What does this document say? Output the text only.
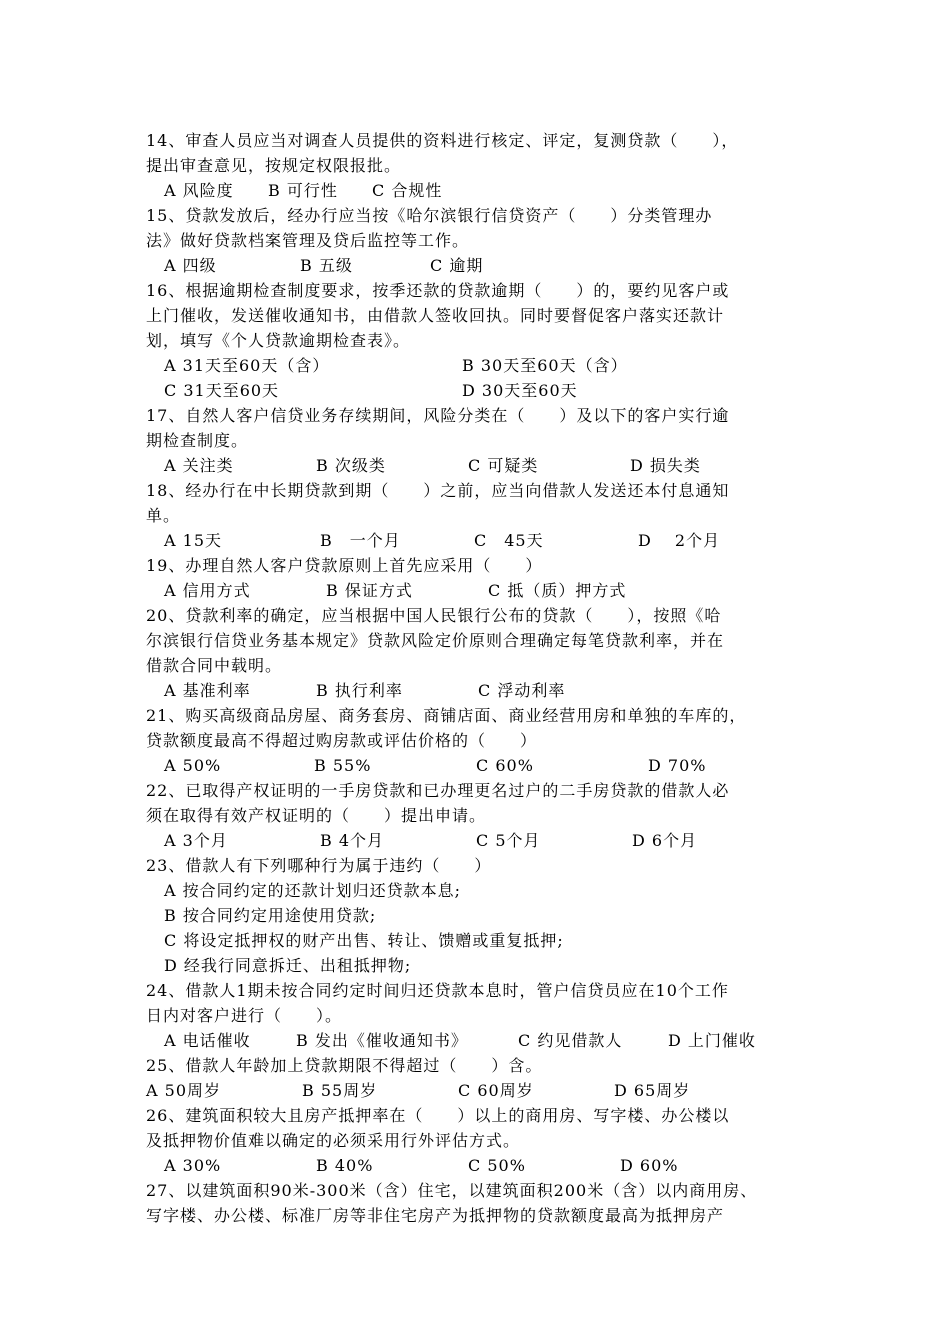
14、审查人员应当对调查人员提供的资料进行核定、评定，复测贷款（　　），
提出审查意见，按规定权限报批。
A 风险度	B 可行性	C 合规性
15、贷款发放后，经办行应当按《哈尔滨银行信贷资产（　　）分类管理办
法》做好贷款档案管理及贷后监控等工作。
A 四级	B 五级	C 逾期
16、根据逾期检查制度要求，按季还款的贷款逾期（　　）的，要约见客户或
上门催收，发送催收通知书，由借款人签收回执。同时要督促客户落实还款计
划，填写《个人贷款逾期检查表》。
A 31天至60天（含）	B 30天至60天（含）
C 31天至60天	D 30天至60天
17、自然人客户信贷业务存续期间，风险分类在（　　）及以下的客户实行逾
期检查制度。
A 关注类	B 次级类	C 可疑类	D 损失类
18、经办行在中长期贷款到期（　　）之前，应当向借款人发送还本付息通知
单。
A 15天	B　一个月	C　45天	D　 2个月
19、办理自然人客户贷款原则上首先应采用（　　）
A 信用方式	B 保证方式	C 抵（质）押方式
20、贷款利率的确定，应当根据中国人民银行公布的贷款（　　），按照《哈
尔滨银行信贷业务基本规定》贷款风险定价原则合理确定每笔贷款利率，并在
借款合同中载明。
A 基准利率	B 执行利率	C 浮动利率
21、购买高级商品房屋、商务套房、商铺店面、商业经营用房和单独的车库的，
贷款额度最高不得超过购房款或评估价格的（　　）
A 50%	B 55%	C 60%	D 70%
22、已取得产权证明的一手房贷款和已办理更名过户的二手房贷款的借款人必
须在取得有效产权证明的（　　）提出申请。
A 3个月	B 4个月	C 5个月	D 6个月
23、借款人有下列哪种行为属于违约（　　）
A 按合同约定的还款计划归还贷款本息;
B 按合同约定用途使用贷款;
C 将设定抵押权的财产出售、转让、馈赠或重复抵押;
D 经我行同意拆迁、出租抵押物;
24、借款人1期未按合同约定时间归还贷款本息时，管户信贷员应在10个工作
日内对客户进行（　　）。
A 电话催收	B 发出《催收通知书》	C 约见借款人	D 上门催收
25、借款人年龄加上贷款期限不得超过（　　）含。
A 50周岁	B 55周岁	C 60周岁	D 65周岁
26、建筑面积较大且房产抵押率在（　　）以上的商用房、写字楼、办公楼以
及抵押物价值难以确定的必须采用行外评估方式。
A 30%	B 40%	C 50%	D 60%
27、以建筑面积90米-300米（含）住宅，以建筑面积200米（含）以内商用房、
写字楼、办公楼、标准厂房等非住宅房产为抵押物的贷款额度最高为抵押房产
